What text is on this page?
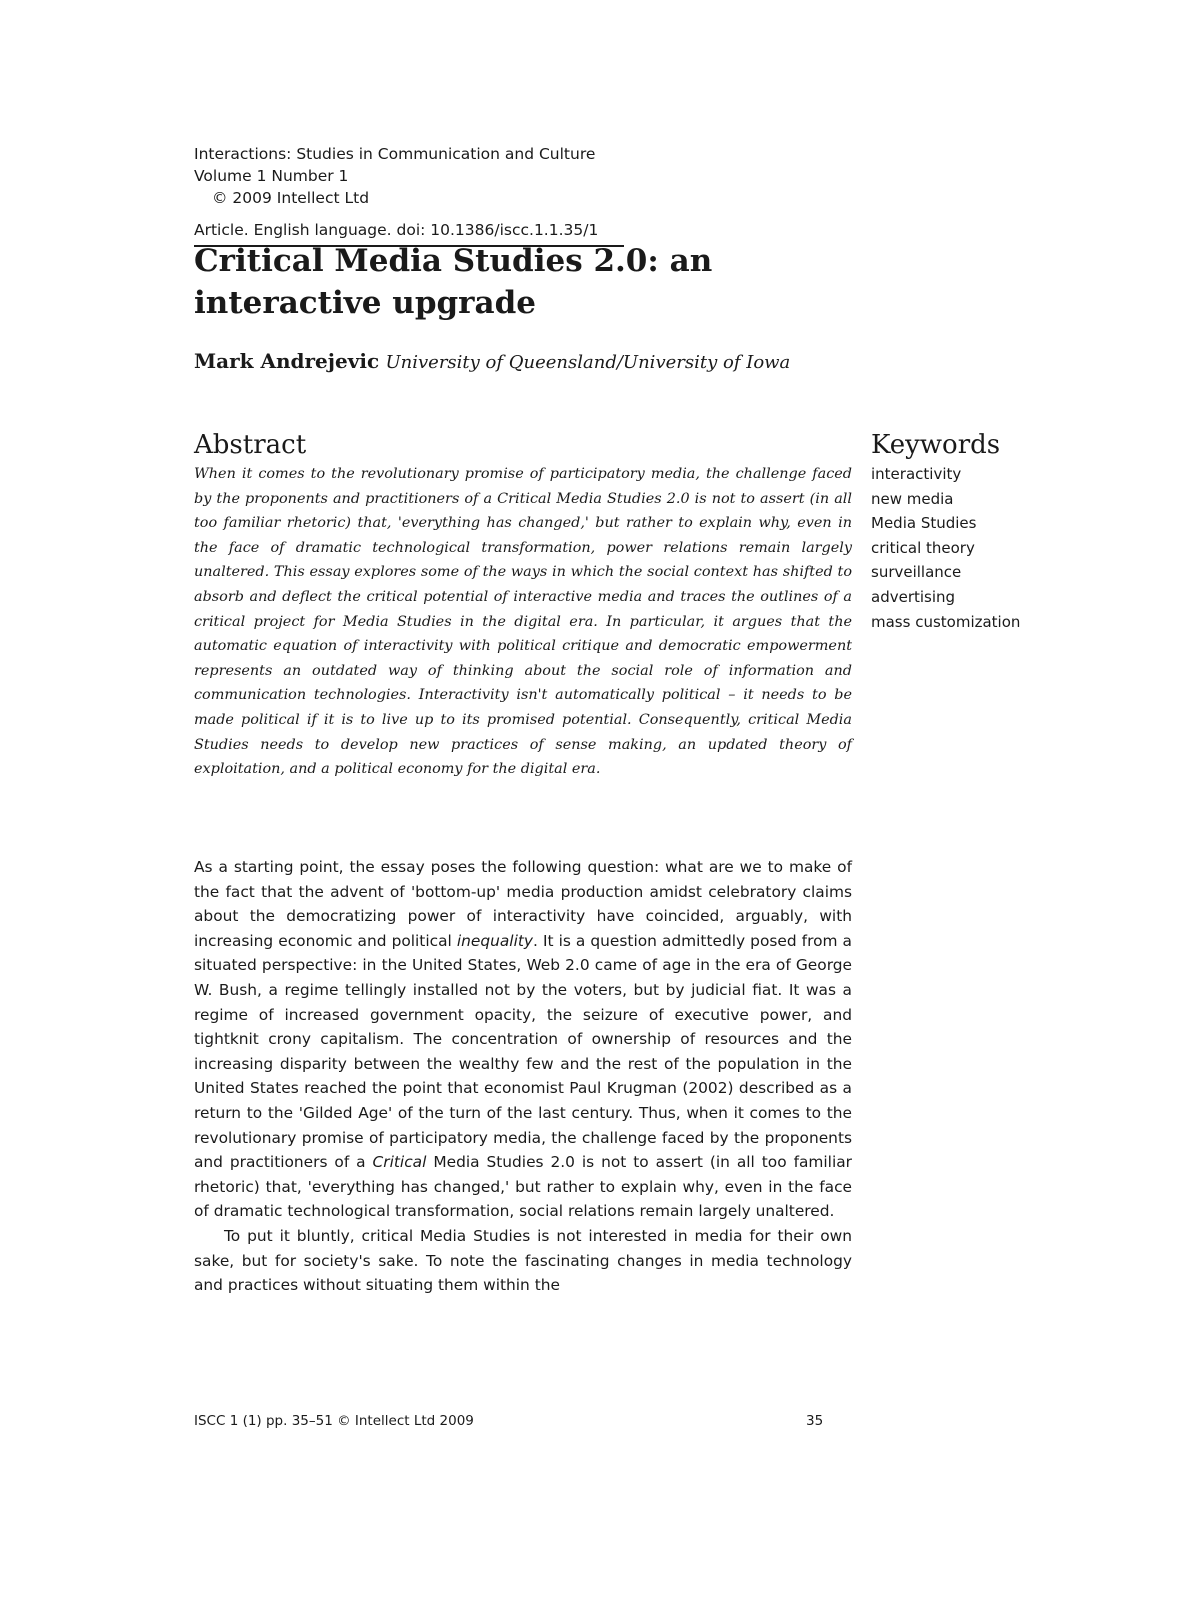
Interactions: Studies in Communication and Culture Volume 1 Number 1
© 2009 Intellect Ltd
Article. English language. doi: 10.1386/iscc.1.1.35/1
Critical Media Studies 2.0: an interactive upgrade
Mark Andrejevic University of Queensland/University of Iowa
Abstract

When it comes to the revolutionary promise of participatory media, the challenge faced by the proponents and practitioners of a Critical Media Studies 2.0 is not to assert (in all too familiar rhetoric) that, 'everything has changed,' but rather to explain why, even in the face of dramatic technological transformation, power relations remain largely unaltered. This essay explores some of the ways in which the social context has shifted to absorb and deflect the critical potential of interactive media and traces the outlines of a critical project for Media Studies in the digital era. In particular, it argues that the automatic equation of interactivity with political critique and democratic empowerment represents an outdated way of thinking about the social role of information and communication technologies. Interactivity isn't automatically political – it needs to be made political if it is to live up to its promised potential. Consequently, critical Media Studies needs to develop new practices of sense making, an updated theory of exploitation, and a political economy for the digital era.

Keywords
interactivity
new media
Media Studies
critical theory
surveillance
advertising
mass customization

As a starting point, the essay poses the following question: what are we to make of the fact that the advent of 'bottom-up' media production amidst celebratory claims about the democratizing power of interactivity have coincided, arguably, with increasing economic and political inequality. It is a question admittedly posed from a situated perspective: in the United States, Web 2.0 came of age in the era of George W. Bush, a regime tellingly installed not by the voters, but by judicial fiat. It was a regime of increased government opacity, the seizure of executive power, and tightknit crony capitalism. The concentration of ownership of resources and the increasing disparity between the wealthy few and the rest of the population in the United States reached the point that economist Paul Krugman (2002) described as a return to the 'Gilded Age' of the turn of the last century. Thus, when it comes to the revolutionary promise of participatory media, the challenge faced by the proponents and practitioners of a Critical Media Studies 2.0 is not to assert (in all too familiar rhetoric) that, 'everything has changed,' but rather to explain why, even in the face of dramatic technological transformation, social relations remain largely unaltered.

To put it bluntly, critical Media Studies is not interested in media for their own sake, but for society's sake. To note the fascinating changes in media technology and practices without situating them within the

ISCC 1 (1) pp. 35–51 © Intellect Ltd 2009	35
